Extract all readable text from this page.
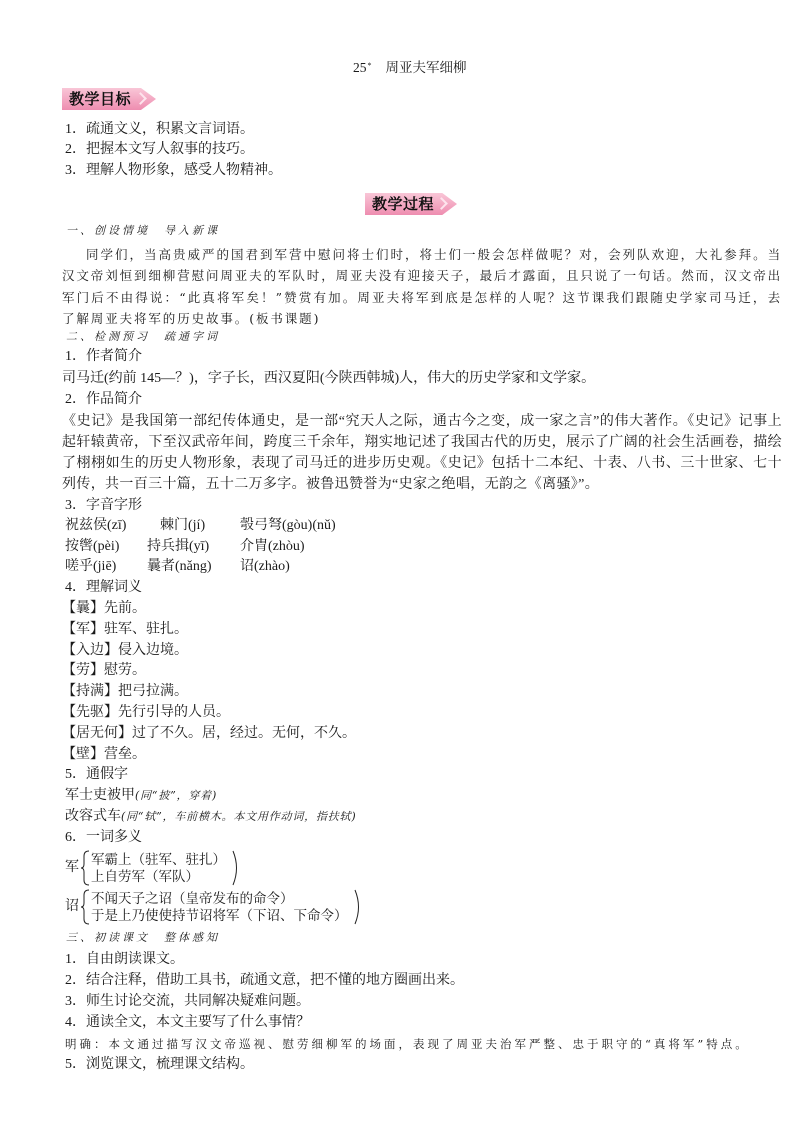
25* 周亚夫军细柳
教学目标
1．疏通文义，积累文言词语。
2．把握本文写人叙事的技巧。
3．理解人物形象，感受人物精神。
教学过程
一、创设情境　导入新课
同学们，当高贵威严的国君到军营中慰问将士们时，将士们一般会怎样做呢？对，会列队欢迎，大礼参拜。当汉文帝刘恒到细柳营慰问周亚夫的军队时，周亚夫没有迎接天子，最后才露面，且只说了一句话。然而，汉文帝出军门后不由得说：“此真将军矣！”赞赏有加。周亚夫将军到底是怎样的人呢？这节课我们跟随史学家司马迁，去了解周亚夫将军的历史故事。(板书课题)
二、检测预习　疏通字词
1．作者简介
司马迁(约前 145—？)，字子长，西汉夏阳(今陕西韩城)人，伟大的历史学家和文学家。
2．作品简介
《史记》是我国第一部纪传体通史，是一部“究天人之际，通古今之变，成一家之言”的伟大著作。《史记》记事上起轩辕黄帝，下至汉武帝年间，跨度三千余年，翔实地记述了我国古代的历史，展示了广阔的社会生活画卷，描绘了栩栩如生的历史人物形象，表现了司马迁的进步历史观。《史记》包括十二本纪、十表、八书、三十世家、七十列传，共一百三十篇，五十二万多字。被鲁迅赞誉为“史家之绝唱，无韵之《离骚》”。
3．字音字形
祝兹侯(zī) 棘门(jí) 彀弓弩(gòu)(nǔ)
按辔(pèi) 持兵揖(yī) 介胄(zhòu)
嗟乎(jiē) 曩者(nǎng) 诏(zhào)
4．理解词义
【曩】先前。
【军】驻军、驻扎。
【入边】侵入边境。
【劳】慰劳。
【持满】把弓拉满。
【先驱】先行引导的人员。
【居无何】过了不久。居，经过。无何，不久。
【壁】营垒。
5．通假字
军士吏被甲(同“披”，穿着)
改容式车(同“轼”，车前横木。本文用作动词，指扶轼)
6．一词多义
军
军霸上（驻军、驻扎）
上自劳军（军队）
诏
不闻天子之诏（皇帝发布的命令）
于是上乃使使持节诏将军（下诏、下命令）
三、初读课文　整体感知
1．自由朗读课文。
2．结合注释，借助工具书，疏通文意，把不懂的地方圈画出来。
3．师生讨论交流，共同解决疑难问题。
4．通读全文，本文主要写了什么事情？
明确：本文通过描写汉文帝巡视、慰劳细柳军的场面，表现了周亚夫治军严整、忠于职守的“真将军”特点。
5．浏览课文，梳理课文结构。
